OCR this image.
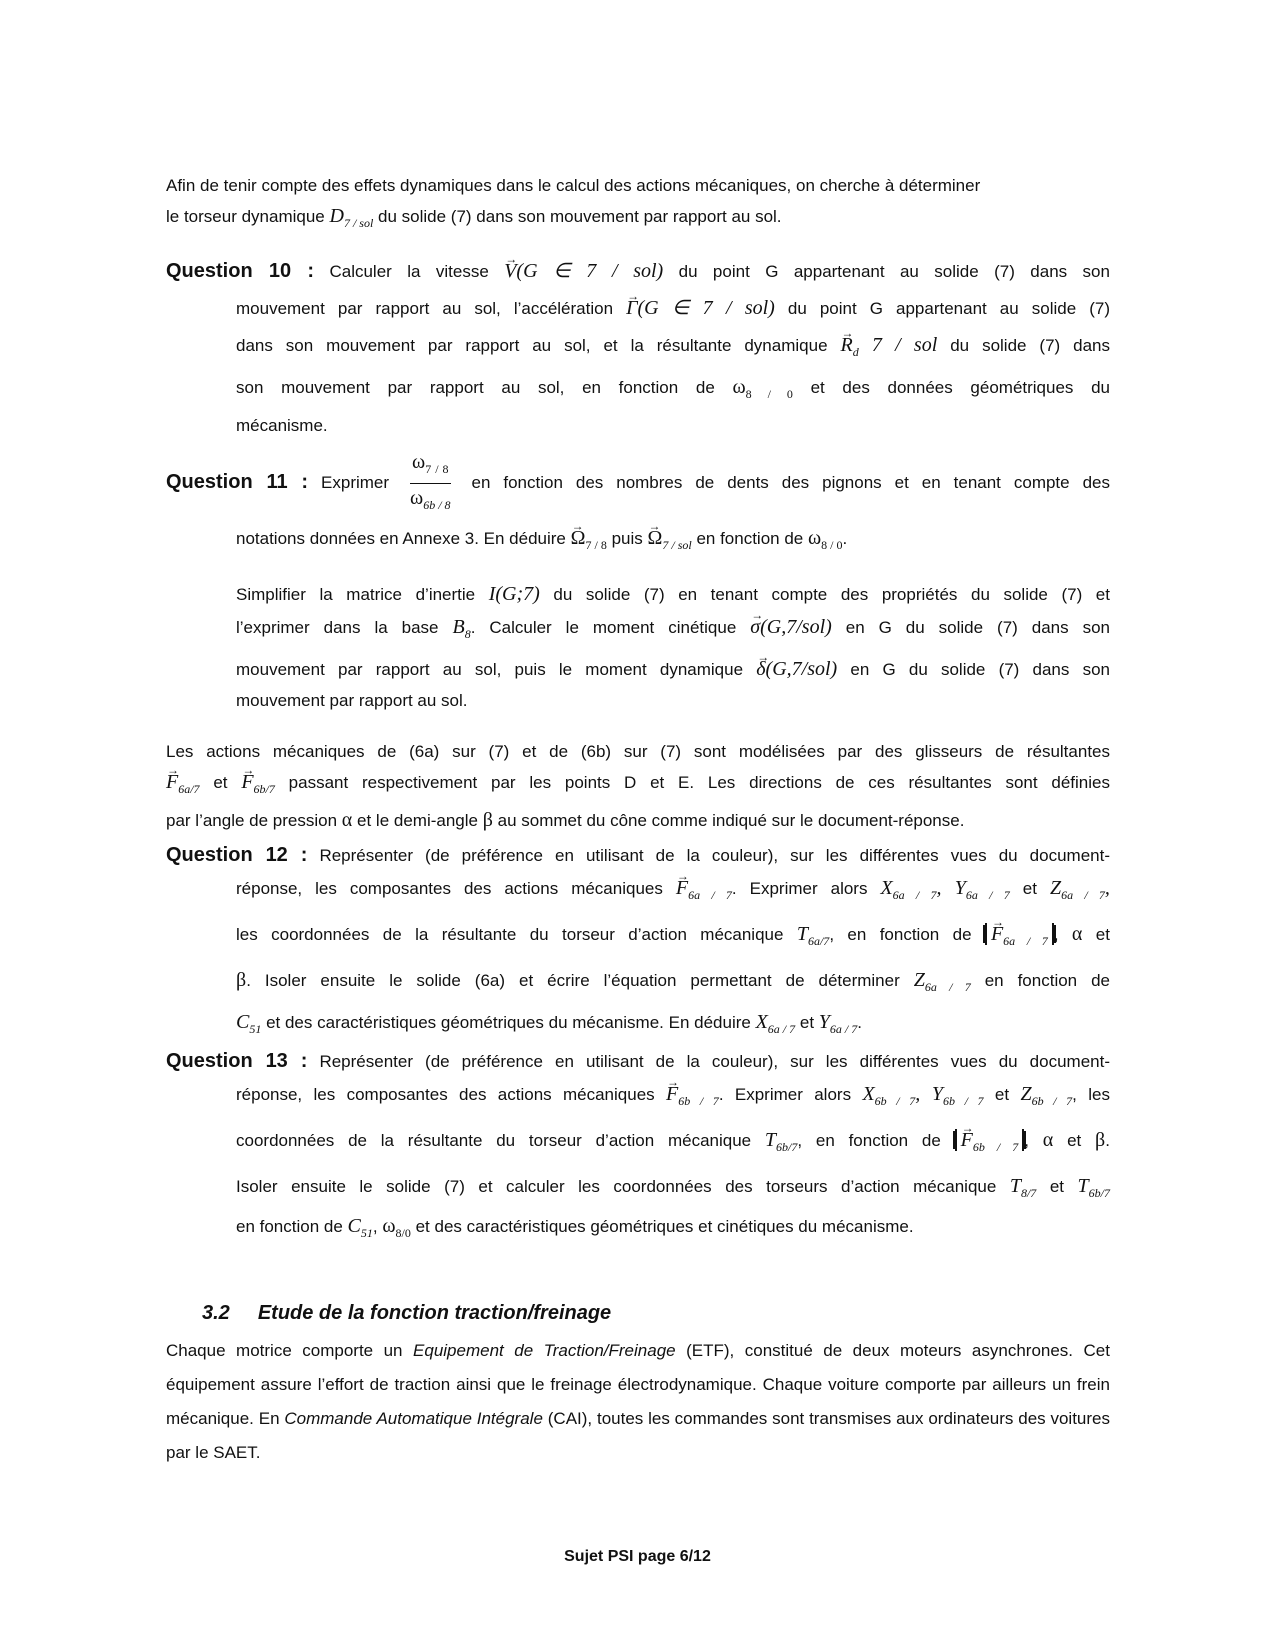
Afin de tenir compte des effets dynamiques dans le calcul des actions mécaniques, on cherche à déterminer
le torseur dynamique $D_{7 / sol}$ du solide (7) dans son mouvement par rapport au sol.
Question 10 : Calculer la vitesse → V(G ∈ 7 / sol) du point G appartenant au solide (7) dans son
mouvement par rapport au sol, l’accélération → Γ(G ∈ 7 / sol) du point G appartenant au solide (7)
dans son mouvement par rapport au sol, et la résultante dynamique → $R_d$ 7 / sol du solide (7) dans
son mouvement par rapport au sol, en fonction de $\omega_{8 / 0}$ et des données géométriques du
mécanisme.
Question 11 : Exprimer $\frac{\omega_{7 / 8}}{\omega_{6b / 8}}$ en fonction des nombres de dents des pignons et en tenant compte des
notations données en Annexe 3. En déduire → $\Omega_{7 / 8}$ puis → $\Omega_{7 / sol}$ en fonction de $\omega_{8 / 0}$.
Simplifier la matrice d’inertie I(G;7) du solide (7) en tenant compte des propriétés du solide (7) et
l’exprimer dans la base $B_8$. Calculer le moment cinétique → σ(G,7/sol) en G du solide (7) dans son
mouvement par rapport au sol, puis le moment dynamique → δ(G,7/sol) en G du solide (7) dans son
mouvement par rapport au sol.
Les actions mécaniques de (6a) sur (7) et de (6b) sur (7) sont modélisées par des glisseurs de résultantes
→ $F_{6a/7}$ et → $F_{6b/7}$ passant respectivement par les points D et E. Les directions de ces résultantes sont définies
par l’angle de pression α et le demi-angle β au sommet du cône comme indiqué sur le document-réponse.
Question 12 : Représenter (de préférence en utilisant de la couleur), sur les différentes vues du document-
réponse, les composantes des actions mécaniques → $F_{6a / 7}$. Exprimer alors $X_{6a / 7}$, $Y_{6a / 7}$ et $Z_{6a / 7}$,
les coordonnées de la résultante du torseur d’action mécanique $T_{6a/7}$, en fonction de → $F_{6a / 7}$ , α et
β. Isoler ensuite le solide (6a) et écrire l’équation permettant de déterminer $Z_{6a / 7}$ en fonction de
$C_{51}$ et des caractéristiques géométriques du mécanisme. En déduire $X_{6a / 7}$ et $Y_{6a / 7}$.
Question 13 : Représenter (de préférence en utilisant de la couleur), sur les différentes vues du document-
réponse, les composantes des actions mécaniques → $F_{6b / 7}$. Exprimer alors $X_{6b / 7}$, $Y_{6b / 7}$ et $Z_{6b / 7}$, les
coordonnées de la résultante du torseur d’action mécanique $T_{6b/7}$, en fonction de → $F_{6b / 7}$ , α et β.
Isoler ensuite le solide (7) et calculer les coordonnées des torseurs d’action mécanique $T_{8/7}$ et $T_{6b/7}$
en fonction de $C_{51}$, $\omega_{8/0}$ et des caractéristiques géométriques et cinétiques du mécanisme.
3.2 Etude de la fonction traction/freinage
Chaque motrice comporte un Equipement de Traction/Freinage (ETF), constitué de deux moteurs asynchrones. Cet équipement assure l’effort de traction ainsi que le freinage électrodynamique. Chaque voiture comporte par ailleurs un frein mécanique. En Commande Automatique Intégrale (CAI), toutes les commandes sont transmises aux ordinateurs des voitures par le SAET.
Sujet PSI page 6/12
